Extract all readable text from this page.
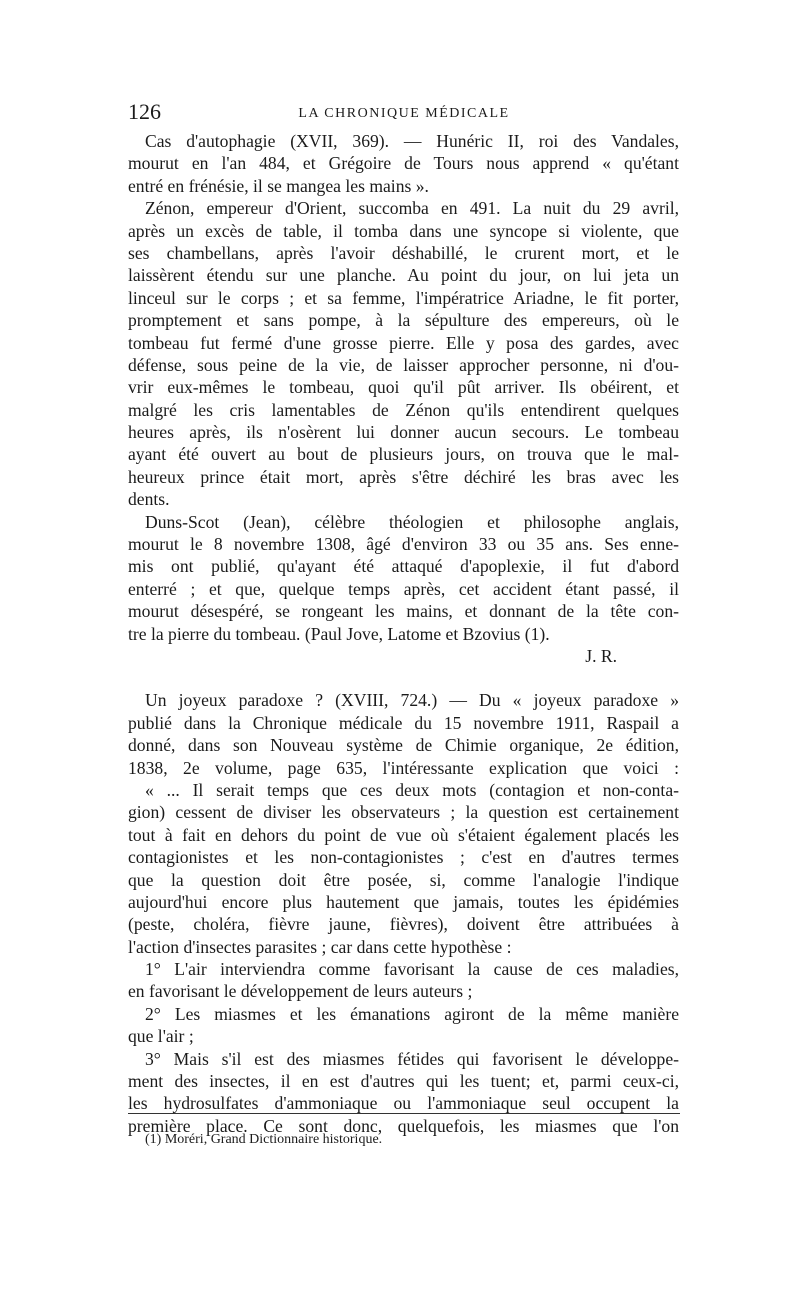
126	LA CHRONIQUE MÉDICALE
Cas d'autophagie (XVII, 369). — Hunéric II, roi des Vandales,
mourut en l'an 484, et Grégoire de Tours nous apprend « qu'étant
entré en frénésie, il se mangea les mains ».
Zénon, empereur d'Orient, succomba en 491. La nuit du 29 avril,
après un excès de table, il tomba dans une syncope si violente, que
ses chambellans, après l'avoir déshabillé, le crurent mort, et le
laissèrent étendu sur une planche. Au point du jour, on lui jeta un
linceul sur le corps ; et sa femme, l'impératrice Ariadne, le fit porter,
promptement et sans pompe, à la sépulture des empereurs, où le
tombeau fut fermé d'une grosse pierre. Elle y posa des gardes, avec
défense, sous peine de la vie, de laisser approcher personne, ni d'ou-
vrir eux-mêmes le tombeau, quoi qu'il pût arriver. Ils obéirent, et
malgré les cris lamentables de Zénon qu'ils entendirent quelques
heures après, ils n'osèrent lui donner aucun secours. Le tombeau
ayant été ouvert au bout de plusieurs jours, on trouva que le mal-
heureux prince était mort, après s'être déchiré les bras avec les
dents.
Duns-Scot (Jean), célèbre théologien et philosophe anglais,
mourut le 8 novembre 1308, âgé d'environ 33 ou 35 ans. Ses enne-
mis ont publié, qu'ayant été attaqué d'apoplexie, il fut d'abord
enterré ; et que, quelque temps après, cet accident étant passé, il
mourut désespéré, se rongeant les mains, et donnant de la tête con-
tre la pierre du tombeau. (Paul Jove, Latome et Bzovius (1).
J. R.
Un joyeux paradoxe ? (XVIII, 724.) — Du « joyeux paradoxe »
publié dans la Chronique médicale du 15 novembre 1911, Raspail a
donné, dans son Nouveau système de Chimie organique, 2e édition,
1838, 2e volume, page 635, l'intéressante explication que voici :
« ... Il serait temps que ces deux mots (contagion et non-conta-
gion) cessent de diviser les observateurs ; la question est certainement
tout à fait en dehors du point de vue où s'étaient également placés les
contagionistes et les non-contagionistes ; c'est en d'autres termes
que la question doit être posée, si, comme l'analogie l'indique
aujourd'hui encore plus hautement que jamais, toutes les épidémies
(peste, choléra, fièvre jaune, fièvres), doivent être attribuées à
l'action d'insectes parasites ; car dans cette hypothèse :
1° L'air interviendra comme favorisant la cause de ces maladies,
en favorisant le développement de leurs auteurs ;
2° Les miasmes et les émanations agiront de la même manière
que l'air ;
3° Mais s'il est des miasmes fétides qui favorisent le développe-
ment des insectes, il en est d'autres qui les tuent; et, parmi ceux-ci,
les hydrosulfates d'ammoniaque ou l'ammoniaque seul occupent la
première place. Ce sont donc, quelquefois, les miasmes que l'on
(1) Moréri, Grand Dictionnaire historique.
